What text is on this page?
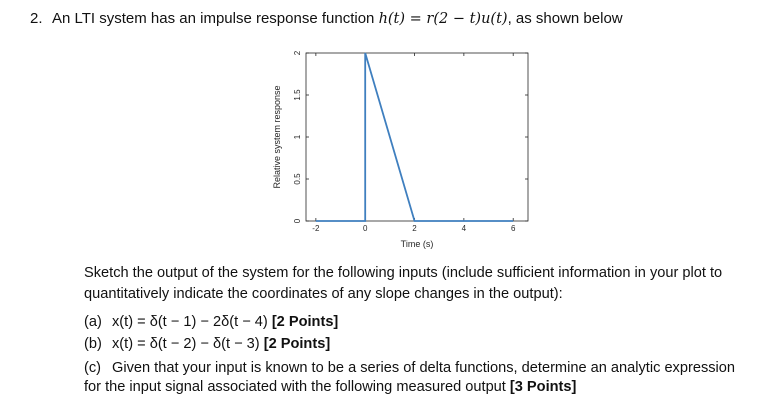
2. An LTI system has an impulse response function h(t) = r(2 − t)u(t), as shown below
0
0.5
1
1.5
2
-2	0	2	4	6
Time (s)
Relative system response
Sketch the output of the system for the following inputs (include sufficient information in your plot to quantitatively indicate the coordinates of any slope changes in the output):
(a) x(t) = δ(t − 1) − 2δ(t − 4) [2 Points]
(b) x(t) = δ(t − 2) − δ(t − 3) [2 Points]
(c) Given that your input is known to be a series of delta functions, determine an analytic expression for the input signal associated with the following measured output [3 Points]
